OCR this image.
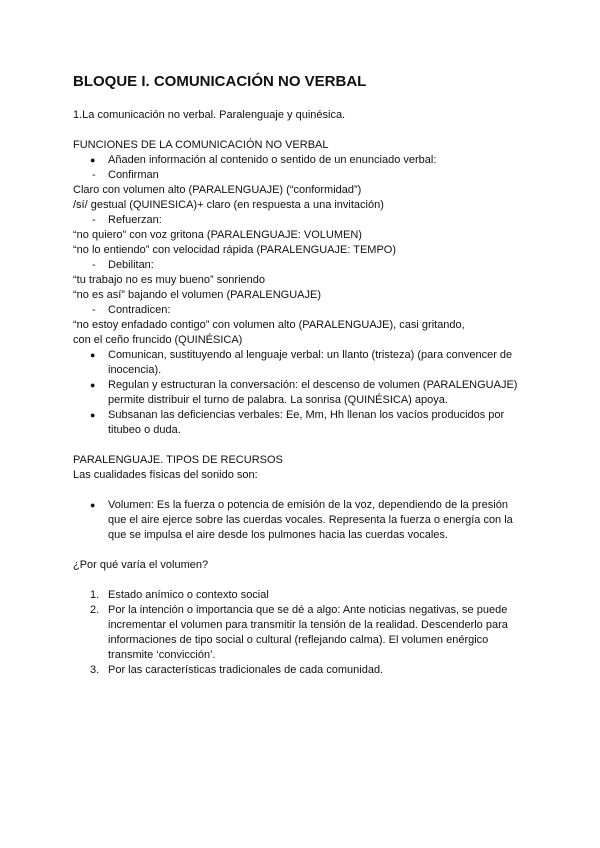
BLOQUE I. COMUNICACIÓN NO VERBAL
1.La comunicación no verbal. Paralenguaje y quinésica.
FUNCIONES DE LA COMUNICACIÓN NO VERBAL
● Añaden información al contenido o sentido de un enunciado verbal:
- Confirman
Claro con volumen alto (PARALENGUAJE) (“conformidad”)
/sí/ gestual (QUINESICA)+ claro (en respuesta a una invitación)
- Refuerzan:
“no quiero” con voz gritona (PARALENGUAJE: VOLUMEN)
“no lo entiendo” con velocidad rápida (PARALENGUAJE: TEMPO)
- Debilitan:
“tu trabajo no es muy bueno” sonriendo
“no es así” bajando el volumen (PARALENGUAJE)
- Contradicen:
“no estoy enfadado contigo” con volumen alto (PARALENGUAJE), casi gritando,
con el ceño fruncido (QUINÉSICA)
● Comunican, sustituyendo al lenguaje verbal: un llanto (tristeza) (para convencer de
inocencia).
● Regulan y estructuran la conversación: el descenso de volumen (PARALENGUAJE)
permite distribuir el turno de palabra. La sonrisa (QUINÉSICA) apoya.
● Subsanan las deficiencias verbales: Ee, Mm, Hh llenan los vacíos producidos por
titubeo o duda.
PARALENGUAJE. TIPOS DE RECURSOS
Las cualidades físicas del sonido son:
● Volumen: Es la fuerza o potencia de emisión de la voz, dependiendo de la presión
que el aire ejerce sobre las cuerdas vocales. Representa la fuerza o energía con la
que se impulsa el aire desde los pulmones hacia las cuerdas vocales.
¿Por qué varía el volumen?
1. Estado anímico o contexto social
2. Por la intención o importancia que se dé a algo: Ante noticias negativas, se puede
incrementar el volumen para transmitir la tensión de la realidad. Descenderlo para
informaciones de tipo social o cultural (reflejando calma). El volumen enérgico
transmite ‘convicción’.
3. Por las características tradicionales de cada comunidad.
